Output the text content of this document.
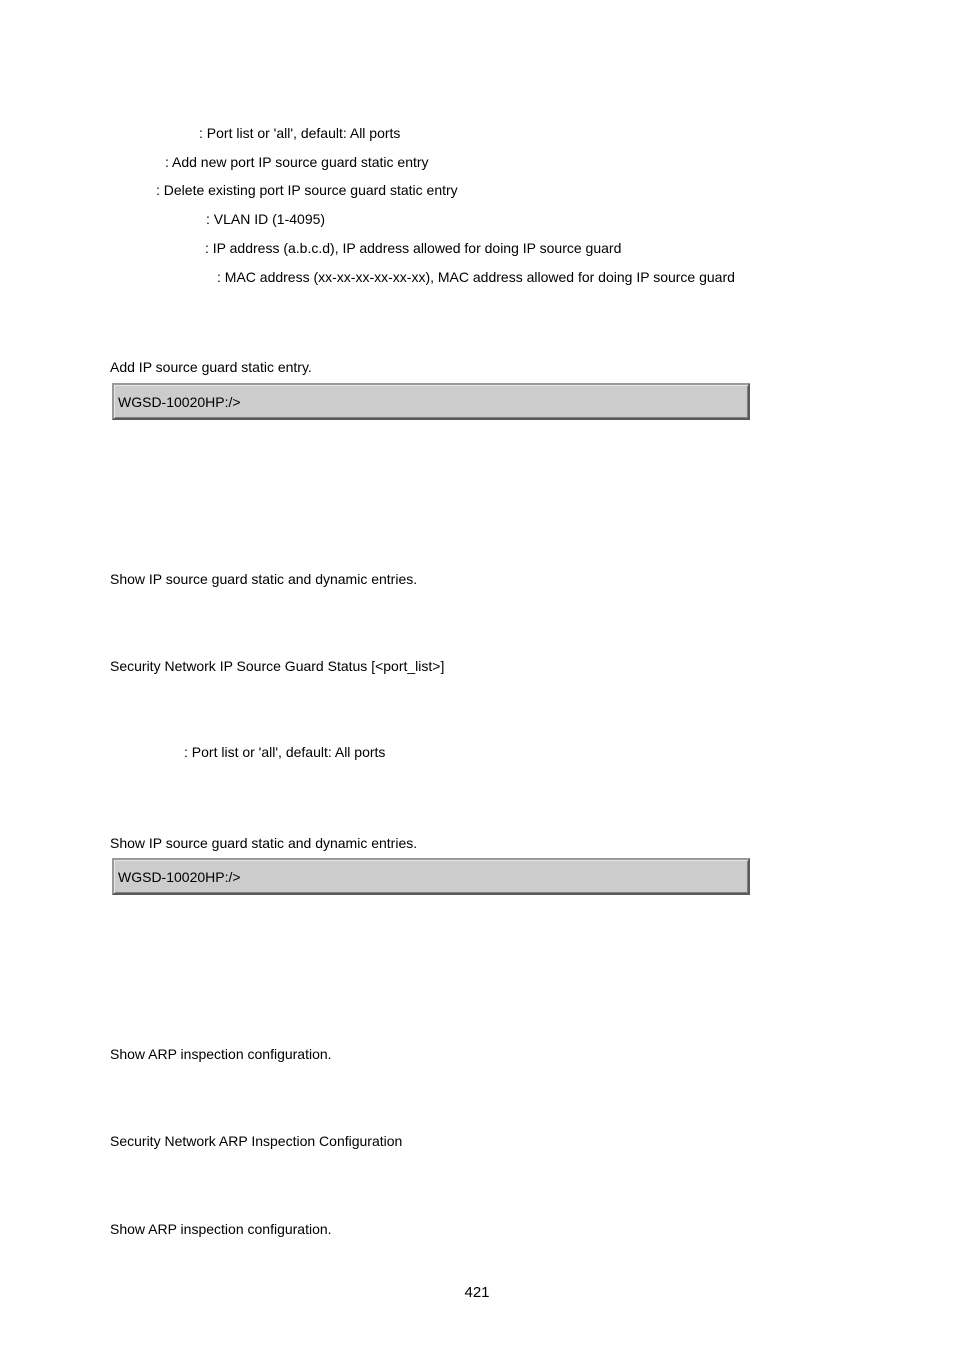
: Port list or 'all', default: All ports
: Add new port IP source guard static entry
: Delete existing port IP source guard static entry
: VLAN ID (1-4095)
: IP address (a.b.c.d), IP address allowed for doing IP source guard
: MAC address (xx-xx-xx-xx-xx-xx), MAC address allowed for doing IP source guard
Add IP source guard static entry.
WGSD-10020HP:/>
Show IP source guard static and dynamic entries.
Security Network IP Source Guard Status [<port_list>]
: Port list or 'all', default: All ports
Show IP source guard static and dynamic entries.
WGSD-10020HP:/>
Show ARP inspection configuration.
Security Network ARP Inspection Configuration
Show ARP inspection configuration.
421
